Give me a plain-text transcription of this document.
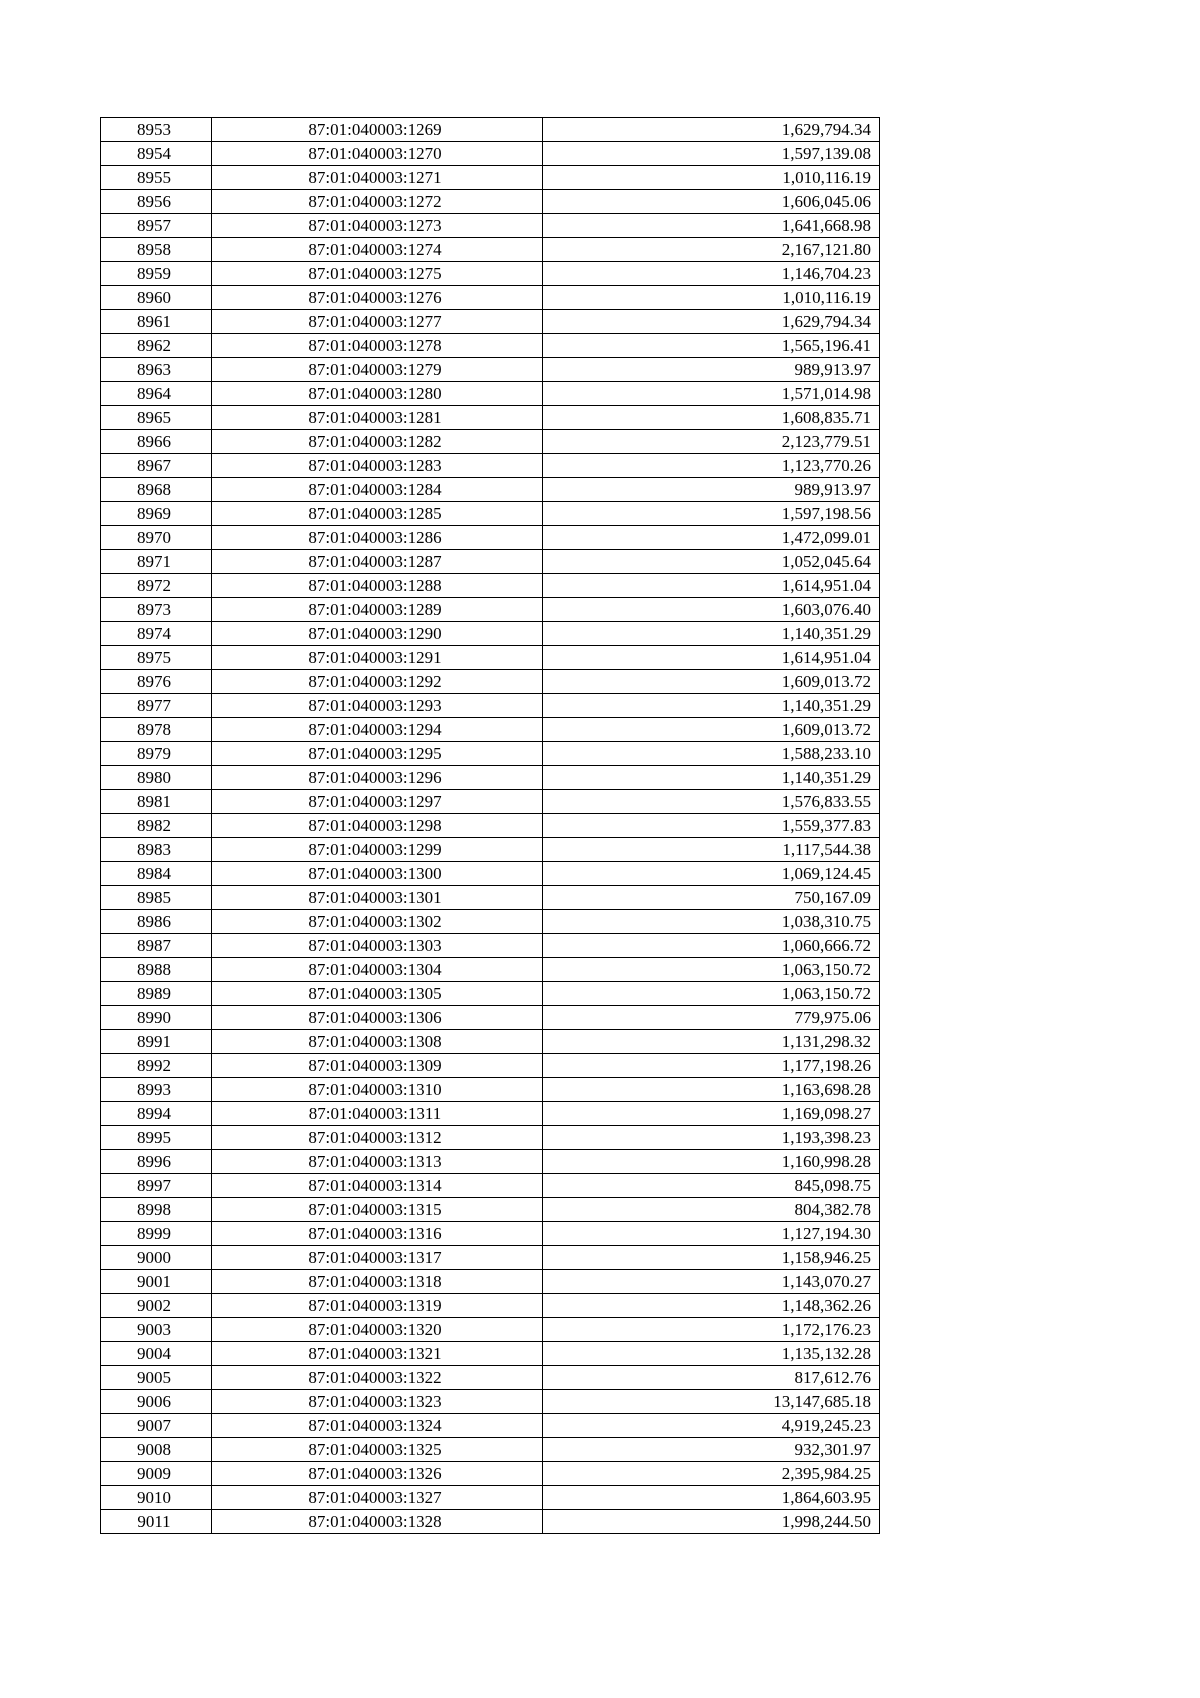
8953	87:01:040003:1269	1,629,794.34
8954	87:01:040003:1270	1,597,139.08
8955	87:01:040003:1271	1,010,116.19
8956	87:01:040003:1272	1,606,045.06
8957	87:01:040003:1273	1,641,668.98
8958	87:01:040003:1274	2,167,121.80
8959	87:01:040003:1275	1,146,704.23
8960	87:01:040003:1276	1,010,116.19
8961	87:01:040003:1277	1,629,794.34
8962	87:01:040003:1278	1,565,196.41
8963	87:01:040003:1279	989,913.97
8964	87:01:040003:1280	1,571,014.98
8965	87:01:040003:1281	1,608,835.71
8966	87:01:040003:1282	2,123,779.51
8967	87:01:040003:1283	1,123,770.26
8968	87:01:040003:1284	989,913.97
8969	87:01:040003:1285	1,597,198.56
8970	87:01:040003:1286	1,472,099.01
8971	87:01:040003:1287	1,052,045.64
8972	87:01:040003:1288	1,614,951.04
8973	87:01:040003:1289	1,603,076.40
8974	87:01:040003:1290	1,140,351.29
8975	87:01:040003:1291	1,614,951.04
8976	87:01:040003:1292	1,609,013.72
8977	87:01:040003:1293	1,140,351.29
8978	87:01:040003:1294	1,609,013.72
8979	87:01:040003:1295	1,588,233.10
8980	87:01:040003:1296	1,140,351.29
8981	87:01:040003:1297	1,576,833.55
8982	87:01:040003:1298	1,559,377.83
8983	87:01:040003:1299	1,117,544.38
8984	87:01:040003:1300	1,069,124.45
8985	87:01:040003:1301	750,167.09
8986	87:01:040003:1302	1,038,310.75
8987	87:01:040003:1303	1,060,666.72
8988	87:01:040003:1304	1,063,150.72
8989	87:01:040003:1305	1,063,150.72
8990	87:01:040003:1306	779,975.06
8991	87:01:040003:1308	1,131,298.32
8992	87:01:040003:1309	1,177,198.26
8993	87:01:040003:1310	1,163,698.28
8994	87:01:040003:1311	1,169,098.27
8995	87:01:040003:1312	1,193,398.23
8996	87:01:040003:1313	1,160,998.28
8997	87:01:040003:1314	845,098.75
8998	87:01:040003:1315	804,382.78
8999	87:01:040003:1316	1,127,194.30
9000	87:01:040003:1317	1,158,946.25
9001	87:01:040003:1318	1,143,070.27
9002	87:01:040003:1319	1,148,362.26
9003	87:01:040003:1320	1,172,176.23
9004	87:01:040003:1321	1,135,132.28
9005	87:01:040003:1322	817,612.76
9006	87:01:040003:1323	13,147,685.18
9007	87:01:040003:1324	4,919,245.23
9008	87:01:040003:1325	932,301.97
9009	87:01:040003:1326	2,395,984.25
9010	87:01:040003:1327	1,864,603.95
9011	87:01:040003:1328	1,998,244.50
